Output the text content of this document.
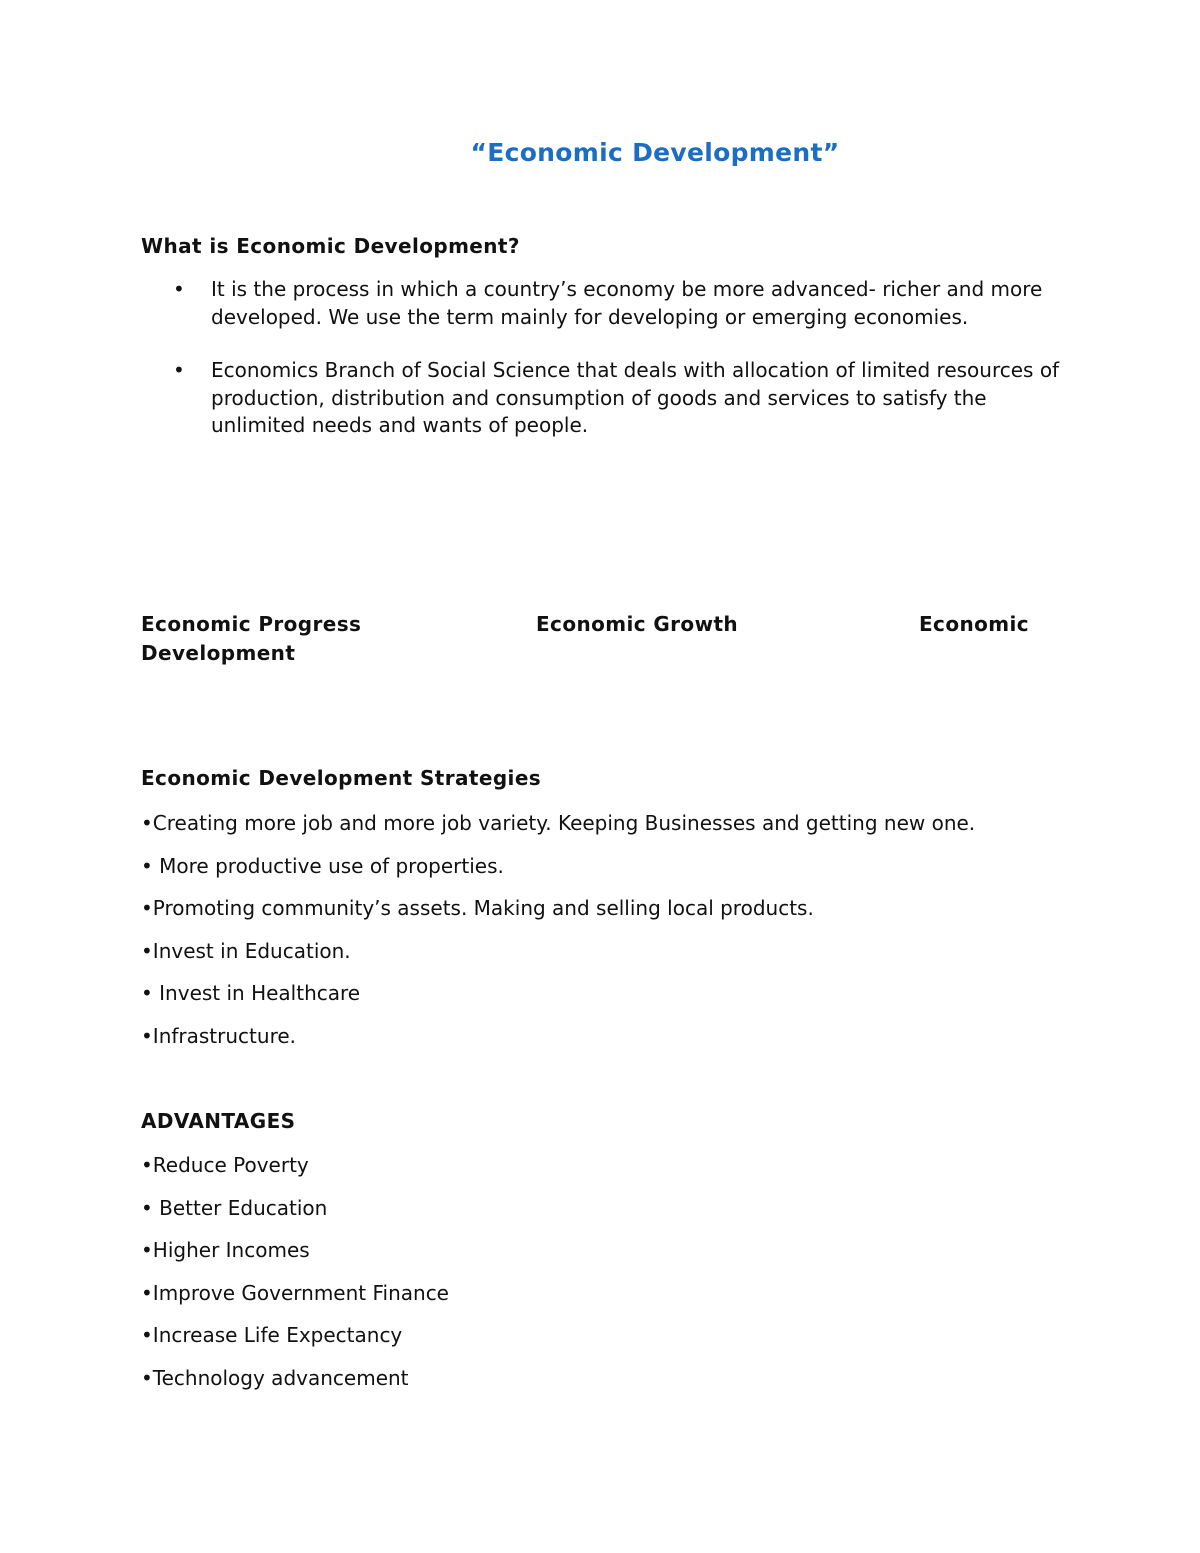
“Economic Development”
What is Economic Development?
• It is the process in which a country’s economy be more advanced- richer and more developed. We use the term mainly for developing or emerging economies.
• Economics Branch of Social Science that deals with allocation of limited resources of production, distribution and consumption of goods and services to satisfy the unlimited needs and wants of people.
Economic Progress	Economic Growth	Economic
Development
Economic Development Strategies
•Creating more job and more job variety. Keeping Businesses and getting new one.
• More productive use of properties.
•Promoting community’s assets. Making and selling local products.
•Invest in Education.
• Invest in Healthcare
•Infrastructure.
ADVANTAGES
•Reduce Poverty
• Better Education
•Higher Incomes
•Improve Government Finance
•Increase Life Expectancy
•Technology advancement
